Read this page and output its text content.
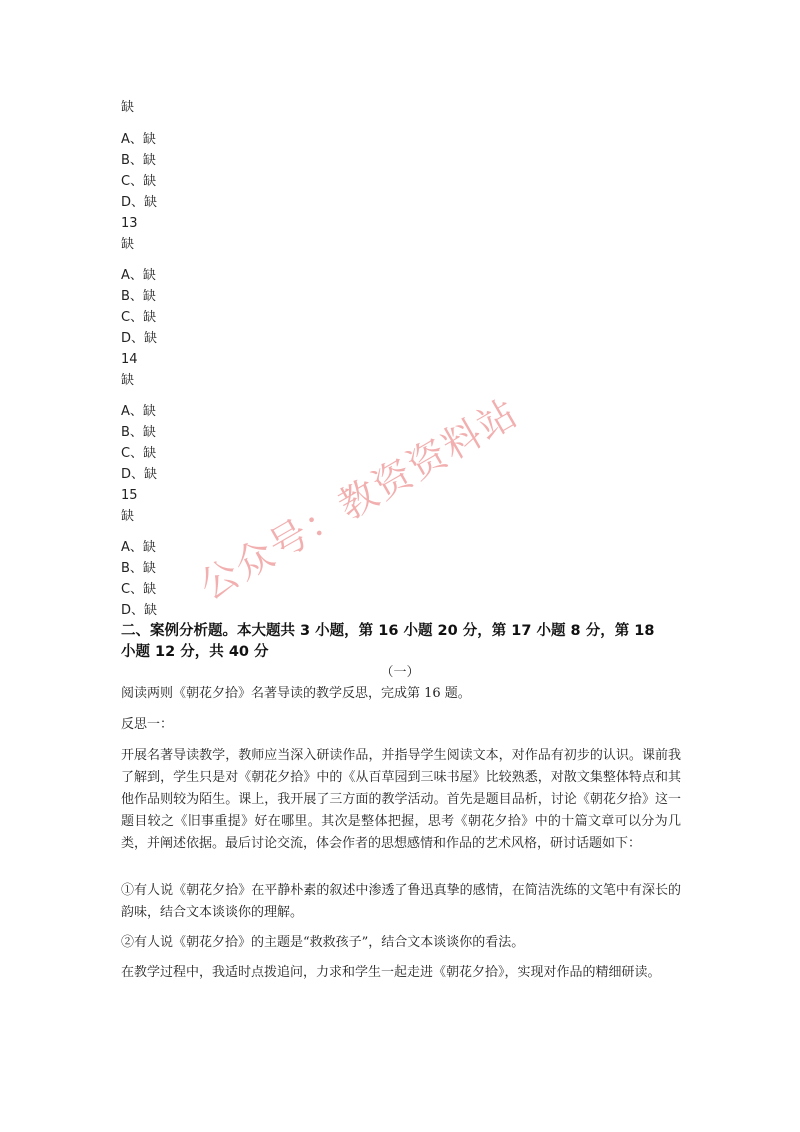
缺
A、缺
B、缺
C、缺
D、缺
13
缺
A、缺
B、缺
C、缺
D、缺
14
缺
A、缺
B、缺
C、缺
D、缺
15
缺
A、缺
B、缺
C、缺
D、缺
二、案例分析题。本大题共 3 小题，第 16 小题 20 分，第 17 小题 8 分，第 18
小题 12 分，共 40 分
（一）
阅读两则《朝花夕拾》名著导读的教学反思，完成第 16 题。
反思一：
开展名著导读教学，教师应当深入研读作品，并指导学生阅读文本，对作品有初步的认识。课前我了解到，学生只是对《朝花夕拾》中的《从百草园到三味书屋》比较熟悉，对散文集整体特点和其他作品则较为陌生。课上，我开展了三方面的教学活动。首先是题目品析，讨论《朝花夕拾》这一题目较之《旧事重提》好在哪里。其次是整体把握，思考《朝花夕拾》中的十篇文章可以分为几类，并阐述依据。最后讨论交流，体会作者的思想感情和作品的艺术风格，研讨话题如下：
①有人说《朝花夕拾》在平静朴素的叙述中渗透了鲁迅真挚的感情，在简洁洗练的文笔中有深长的韵味，结合文本谈谈你的理解。
②有人说《朝花夕拾》的主题是“救救孩子”，结合文本谈谈你的看法。
在教学过程中，我适时点拨追问，力求和学生一起走进《朝花夕拾》，实现对作品的精细研读。
公众号：教资资料站
